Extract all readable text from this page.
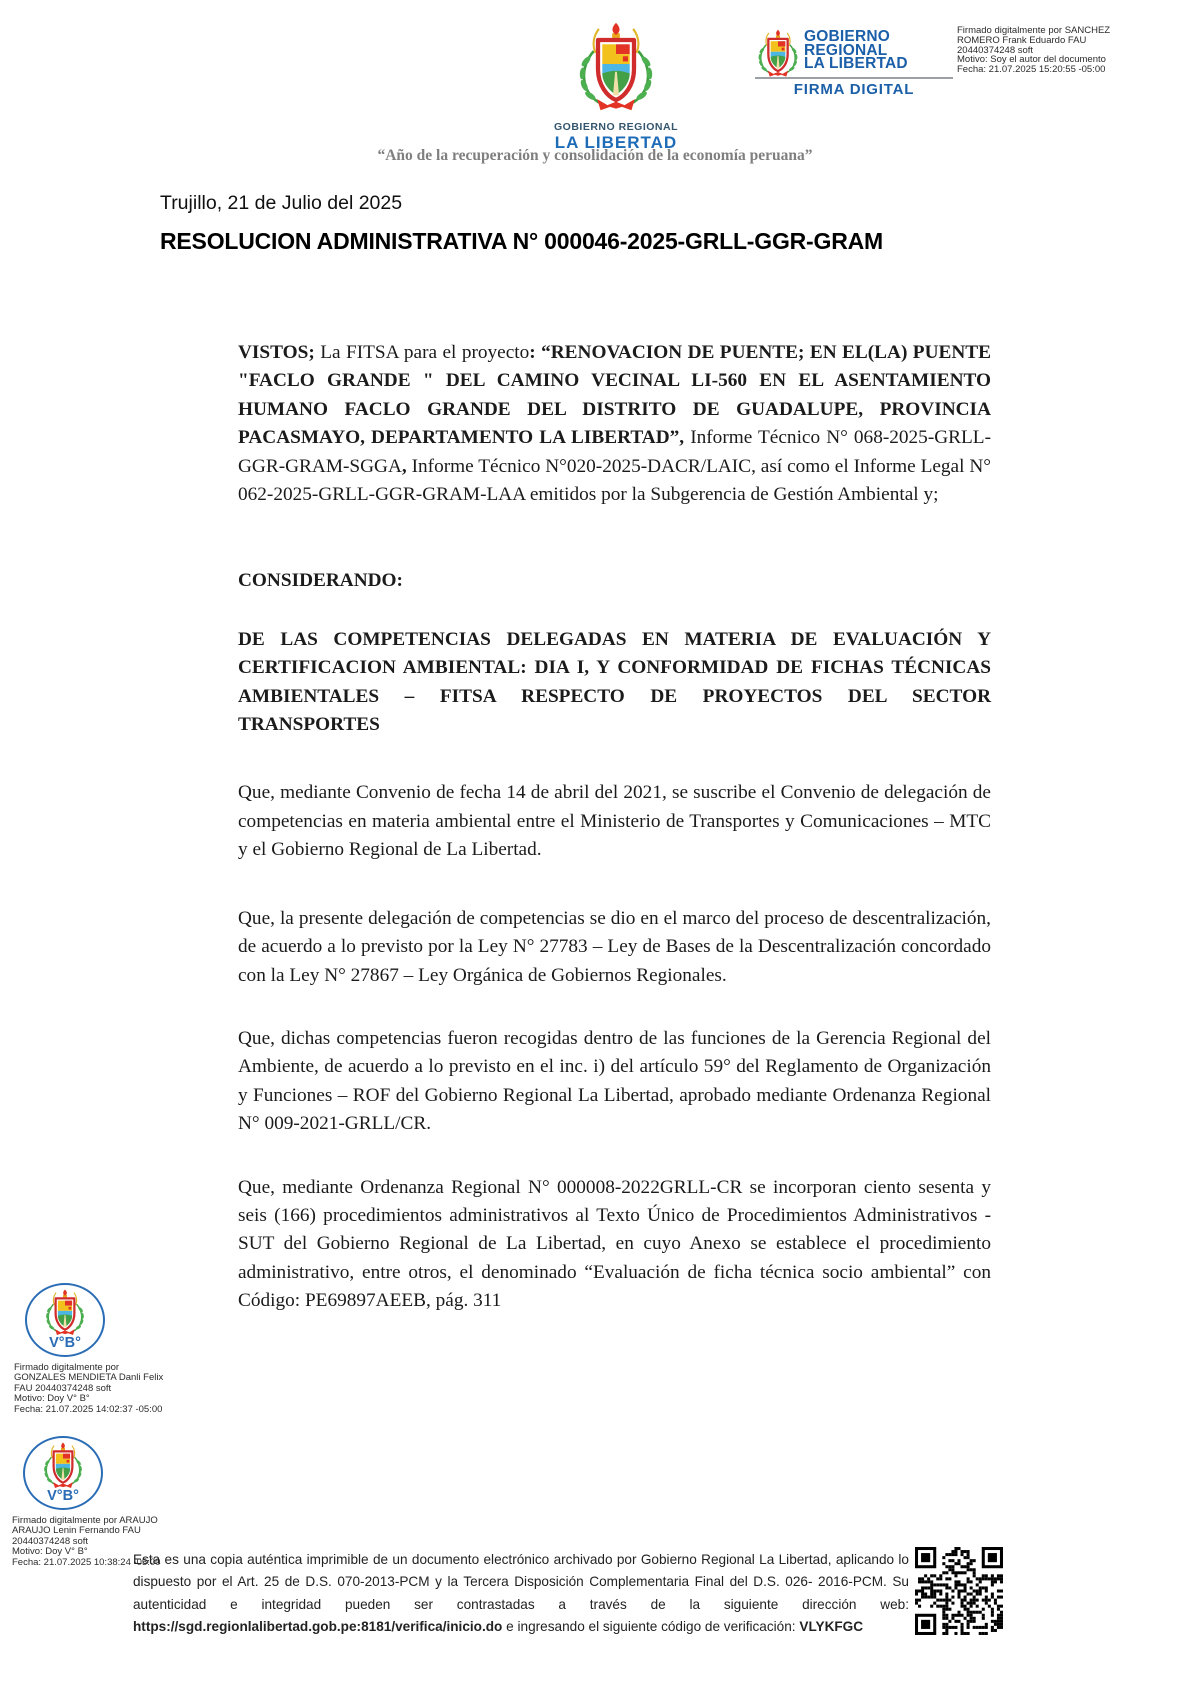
GOBIERNO REGIONAL
LA LIBERTAD
“Año de la recuperación y consolidación de la economía peruana”
GOBIERNO
REGIONAL
LA LIBERTAD
FIRMA DIGITAL
Firmado digitalmente por SANCHEZ
ROMERO Frank Eduardo FAU
20440374248 soft
Motivo: Soy el autor del documento
Fecha: 21.07.2025 15:20:55 -05:00
Trujillo, 21 de Julio del 2025
RESOLUCION ADMINISTRATIVA N° 000046-2025-GRLL-GGR-GRAM

VISTOS; La FITSA para el proyecto: “RENOVACION DE PUENTE; EN EL(LA) PUENTE "FACLO GRANDE " DEL CAMINO VECINAL LI-560 EN EL ASENTAMIENTO HUMANO FACLO GRANDE DEL DISTRITO DE GUADALUPE, PROVINCIA PACASMAYO, DEPARTAMENTO LA LIBERTAD”, Informe Técnico N° 068-2025-GRLL-GGR-GRAM-SGGA, Informe Técnico N°020-2025-DACR/LAIC, así como el Informe Legal N° 062-2025-GRLL-GGR-GRAM-LAA emitidos por la Subgerencia de Gestión Ambiental y;

CONSIDERANDO:

DE LAS COMPETENCIAS DELEGADAS EN MATERIA DE EVALUACIÓN Y CERTIFICACION AMBIENTAL: DIA I, Y CONFORMIDAD DE FICHAS TÉCNICAS AMBIENTALES – FITSA RESPECTO DE PROYECTOS DEL SECTOR TRANSPORTES

Que, mediante Convenio de fecha 14 de abril del 2021, se suscribe el Convenio de delegación de competencias en materia ambiental entre el Ministerio de Transportes y Comunicaciones – MTC y el Gobierno Regional de La Libertad.

Que, la presente delegación de competencias se dio en el marco del proceso de descentralización, de acuerdo a lo previsto por la Ley N° 27783 – Ley de Bases de la Descentralización concordado con la Ley N° 27867 – Ley Orgánica de Gobiernos Regionales.

Que, dichas competencias fueron recogidas dentro de las funciones de la Gerencia Regional del Ambiente, de acuerdo a lo previsto en el inc. i) del artículo 59° del Reglamento de Organización y Funciones – ROF del Gobierno Regional La Libertad, aprobado mediante Ordenanza Regional N° 009-2021-GRLL/CR.

Que, mediante Ordenanza Regional N° 000008-2022GRLL-CR se incorporan ciento sesenta y seis (166) procedimientos administrativos al Texto Único de Procedimientos Administrativos -SUT del Gobierno Regional de La Libertad, en cuyo Anexo se establece el procedimiento administrativo, entre otros, el denominado “Evaluación de ficha técnica socio ambiental” con Código: PE69897AEEB, pág. 311

V°B°
Firmado digitalmente por
GONZALES MENDIETA Danli Felix
FAU 20440374248 soft
Motivo: Doy V° B°
Fecha: 21.07.2025 14:02:37 -05:00
V°B°
Firmado digitalmente por ARAUJO
ARAUJO Lenin Fernando FAU
20440374248 soft
Motivo: Doy V° B°
Fecha: 21.07.2025 10:38:24 -05:00
Esta es una copia auténtica imprimible de un documento electrónico archivado por Gobierno Regional La Libertad, aplicando lo dispuesto por el Art. 25 de D.S. 070-2013-PCM y la Tercera Disposición Complementaria Final del D.S. 026- 2016-PCM. Su autenticidad e integridad pueden ser contrastadas a través de la siguiente dirección web: https://sgd.regionlalibertad.gob.pe:8181/verifica/inicio.do e ingresando el siguiente código de verificación: VLYKFGC
